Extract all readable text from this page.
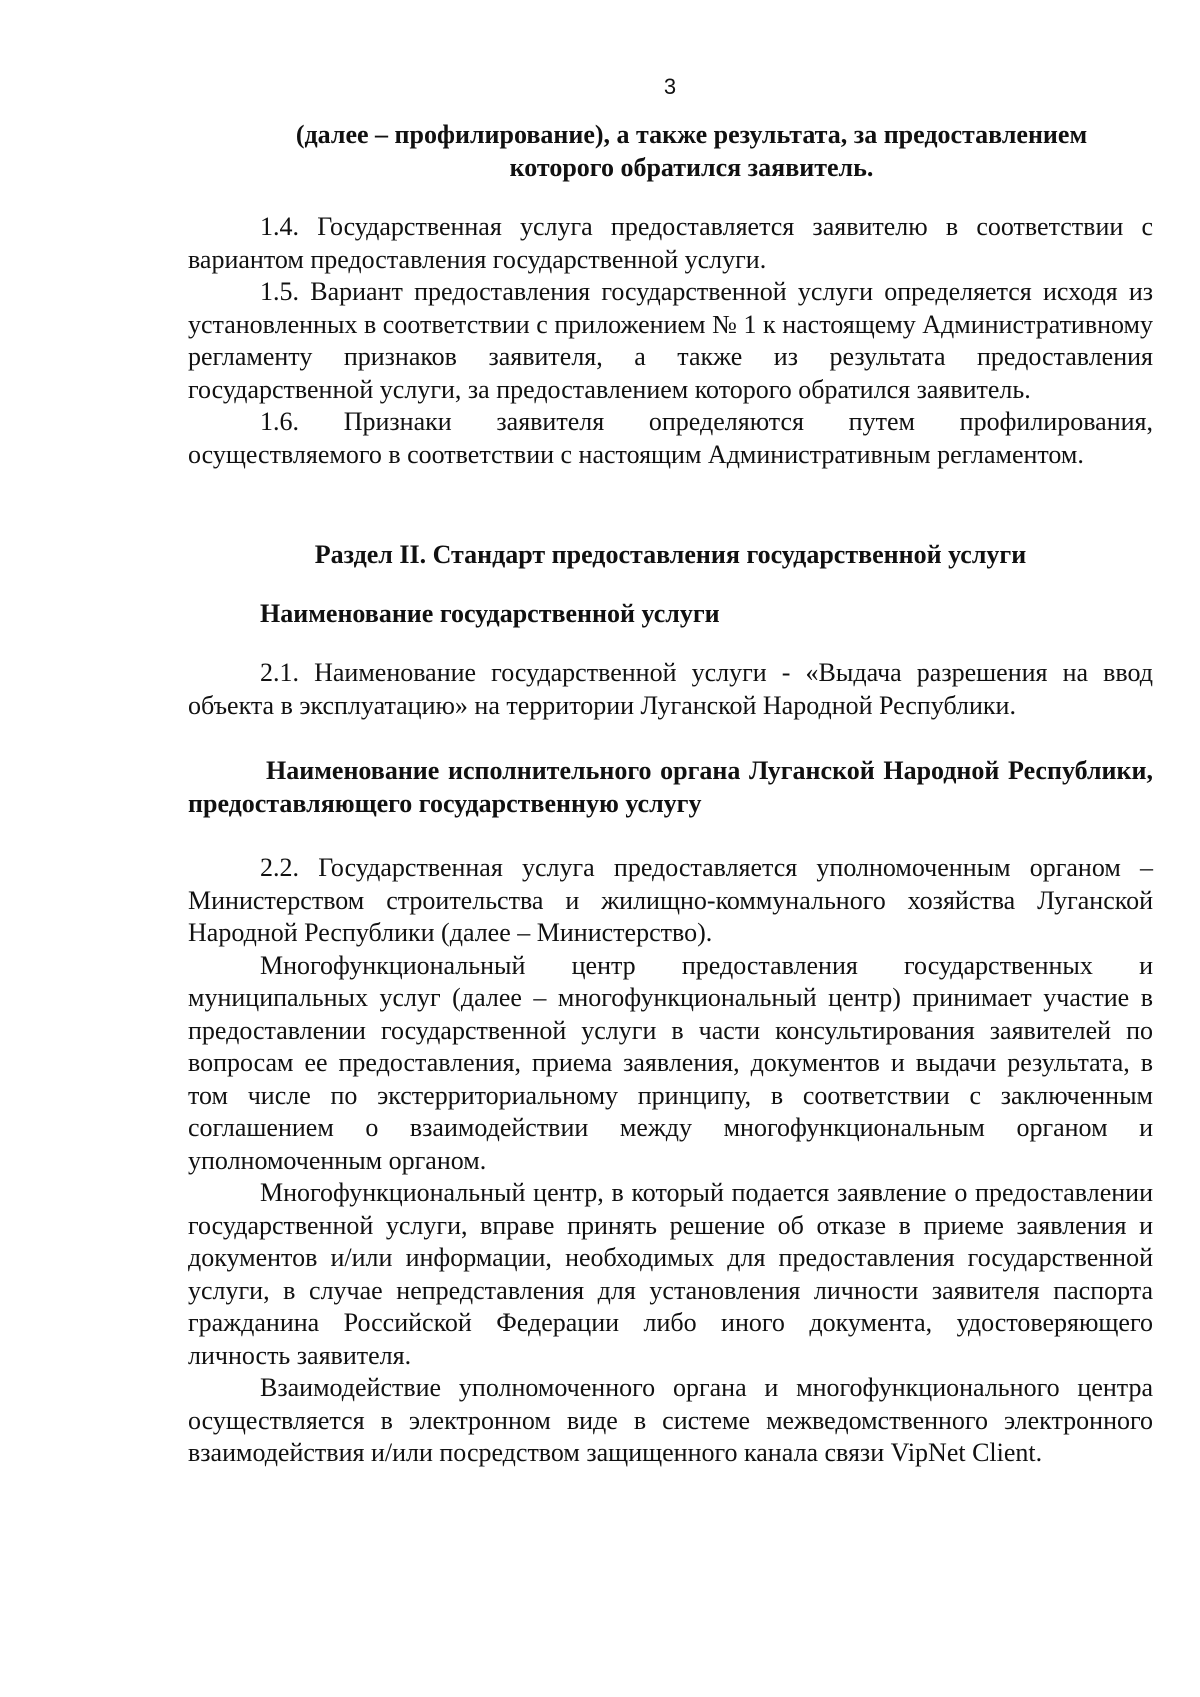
3

(далее – профилирование), а также результата, за предоставлением которого обратился заявитель.

1.4. Государственная услуга предоставляется заявителю в соответствии с вариантом предоставления государственной услуги.

1.5. Вариант предоставления государственной услуги определяется исходя из установленных в соответствии с приложением № 1 к настоящему Административному регламенту признаков заявителя, а также из результата предоставления государственной услуги, за предоставлением которого обратился заявитель.

1.6. Признаки заявителя определяются путем профилирования, осуществляемого в соответствии с настоящим Административным регламентом.

Раздел II. Стандарт предоставления государственной услуги

Наименование государственной услуги

2.1. Наименование государственной услуги - «Выдача разрешения на ввод объекта в эксплуатацию» на территории Луганской Народной Республики.

Наименование исполнительного органа Луганской Народной Республики, предоставляющего государственную услугу

2.2. Государственная услуга предоставляется уполномоченным органом – Министерством строительства и жилищно-коммунального хозяйства Луганской Народной Республики (далее – Министерство).

Многофункциональный центр предоставления государственных и муниципальных услуг (далее – многофункциональный центр) принимает участие в предоставлении государственной услуги в части консультирования заявителей по вопросам ее предоставления, приема заявления, документов и выдачи результата, в том числе по экстерриториальному принципу, в соответствии с заключенным соглашением о взаимодействии между многофункциональным органом и уполномоченным органом.

Многофункциональный центр, в который подается заявление о предоставлении государственной услуги, вправе принять решение об отказе в приеме заявления и документов и/или информации, необходимых для предоставления государственной услуги, в случае непредставления для установления личности заявителя паспорта гражданина Российской Федерации либо иного документа, удостоверяющего личность заявителя.

Взаимодействие уполномоченного органа и многофункционального центра осуществляется в электронном виде в системе межведомственного электронного взаимодействия и/или посредством защищенного канала связи VipNet Client.
